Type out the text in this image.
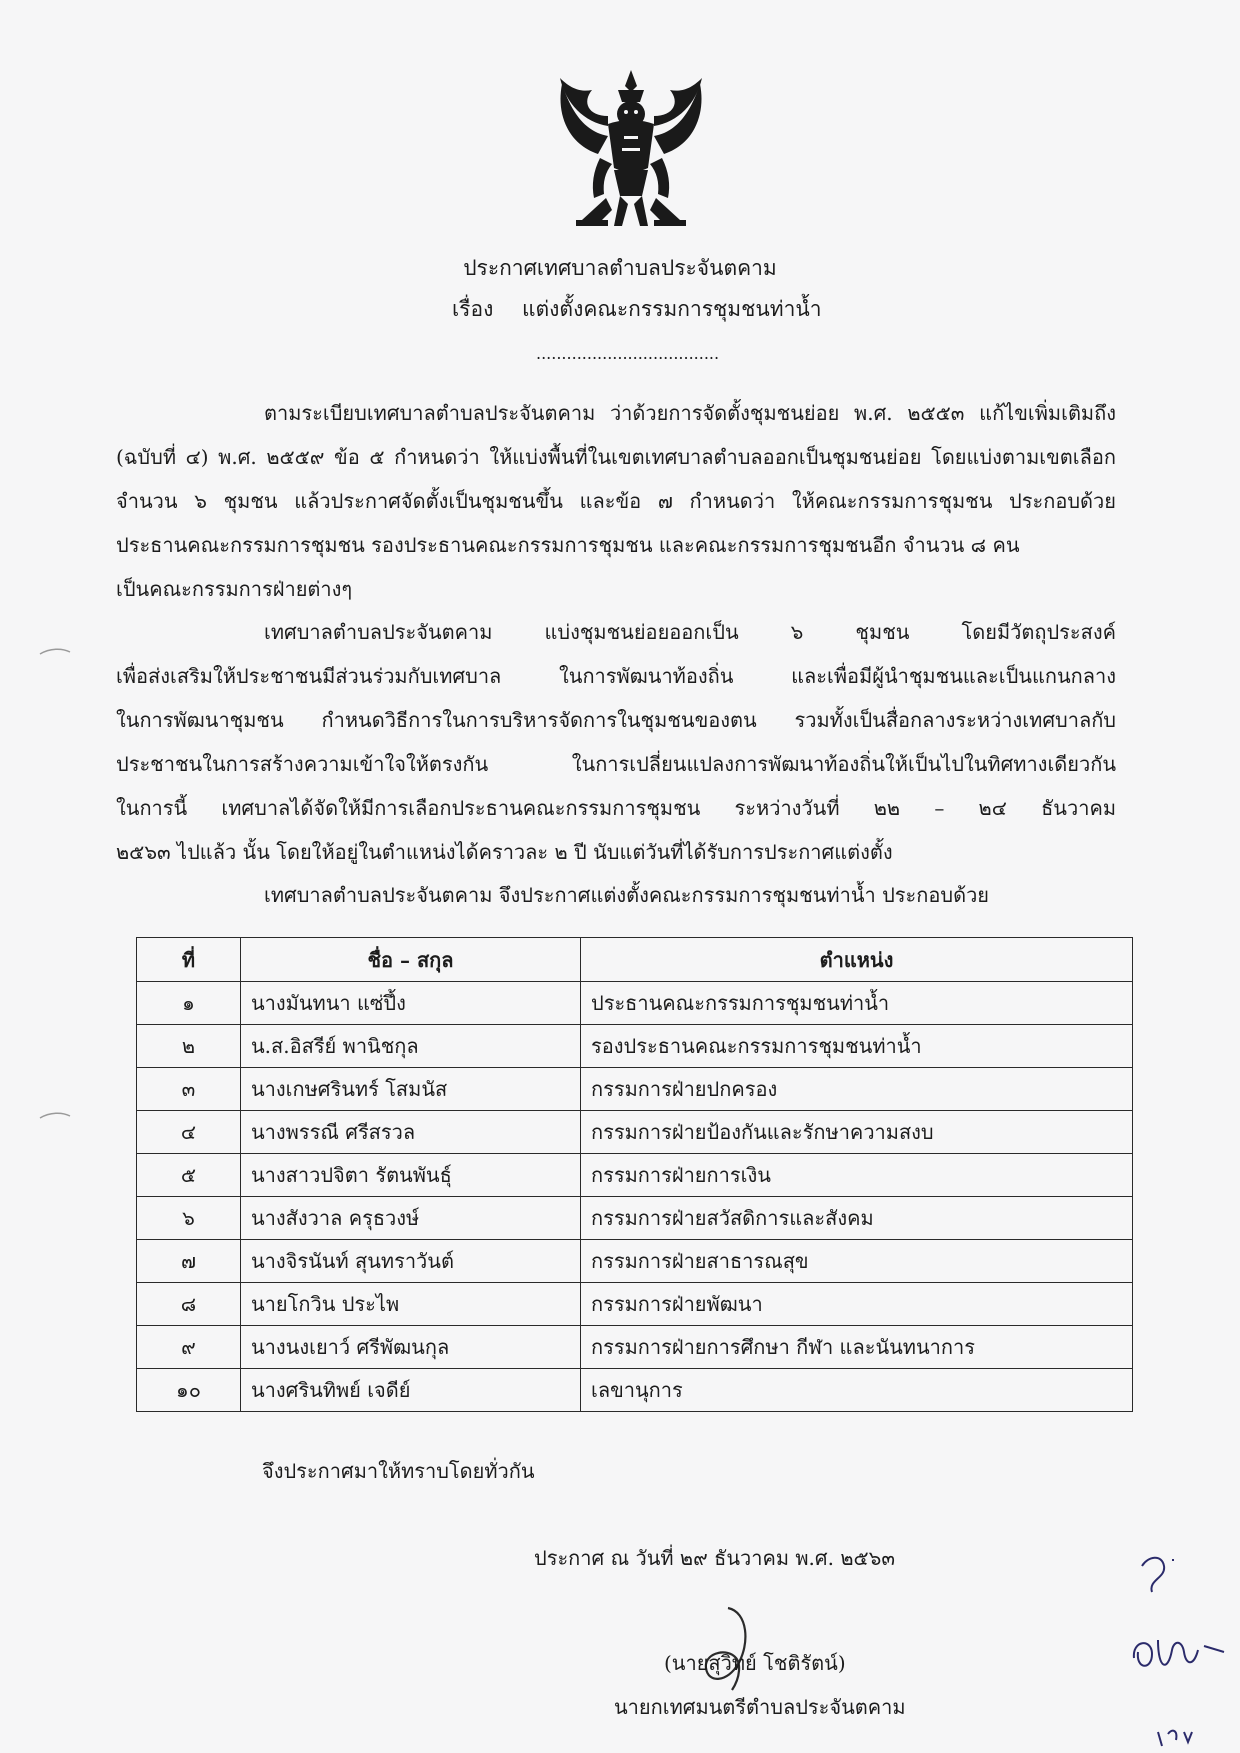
ประกาศเทศบาลตำบลประจันตคาม
เรื่อง แต่งตั้งคณะกรรมการชุมชนท่าน้ำ
....................................
ตามระเบียบเทศบาลตำบลประจันตคาม ว่าด้วยการจัดตั้งชุมชนย่อย พ.ศ. ๒๕๕๓ แก้ไขเพิ่มเติมถึง
(ฉบับที่ ๔) พ.ศ. ๒๕๕๙ ข้อ ๕ กำหนดว่า ให้แบ่งพื้นที่ในเขตเทศบาลตำบลออกเป็นชุมชนย่อย โดยแบ่งตามเขตเลือก
จำนวน ๖ ชุมชน แล้วประกาศจัดตั้งเป็นชุมชนขึ้น และข้อ ๗ กำหนดว่า ให้คณะกรรมการชุมชน ประกอบด้วย
ประธานคณะกรรมการชุมชน รองประธานคณะกรรมการชุมชน และคณะกรรมการชุมชนอีก จำนวน ๘ คน
เป็นคณะกรรมการฝ่ายต่างๆ
เทศบาลตำบลประจันตคาม แบ่งชุมชนย่อยออกเป็น ๖ ชุมชน โดยมีวัตถุประสงค์
เพื่อส่งเสริมให้ประชาชนมีส่วนร่วมกับเทศบาล ในการพัฒนาท้องถิ่น และเพื่อมีผู้นำชุมชนและเป็นแกนกลาง
ในการพัฒนาชุมชน กำหนดวิธีการในการบริหารจัดการในชุมชนของตน รวมทั้งเป็นสื่อกลางระหว่างเทศบาลกับ
ประชาชนในการสร้างความเข้าใจให้ตรงกัน ในการเปลี่ยนแปลงการพัฒนาท้องถิ่นให้เป็นไปในทิศทางเดียวกัน
ในการนี้ เทศบาลได้จัดให้มีการเลือกประธานคณะกรรมการชุมชน ระหว่างวันที่ ๒๒ – ๒๔ ธันวาคม
๒๕๖๓ ไปแล้ว นั้น โดยให้อยู่ในตำแหน่งได้คราวละ ๒ ปี นับแต่วันที่ได้รับการประกาศแต่งตั้ง
เทศบาลตำบลประจันตคาม จึงประกาศแต่งตั้งคณะกรรมการชุมชนท่าน้ำ ประกอบด้วย
ที่	ชื่อ – สกุล	ตำแหน่ง
๑	นางมันทนา แซ่ปึ้ง	ประธานคณะกรรมการชุมชนท่าน้ำ
๒	น.ส.อิสรีย์ พานิชกุล	รองประธานคณะกรรมการชุมชนท่าน้ำ
๓	นางเกษศรินทร์ โสมนัส	กรรมการฝ่ายปกครอง
๔	นางพรรณี ศรีสรวล	กรรมการฝ่ายป้องกันและรักษาความสงบ
๕	นางสาวปจิตา รัตนพันธุ์	กรรมการฝ่ายการเงิน
๖	นางสังวาล ครุธวงษ์	กรรมการฝ่ายสวัสดิการและสังคม
๗	นางจิรนันท์ สุนทราวันต์	กรรมการฝ่ายสาธารณสุข
๘	นายโกวิน ประไพ	กรรมการฝ่ายพัฒนา
๙	นางนงเยาว์ ศรีพัฒนกุล	กรรมการฝ่ายการศึกษา กีฬา และนันทนาการ
๑๐	นางศรินทิพย์ เจดีย์	เลขานุการ
จึงประกาศมาให้ทราบโดยทั่วกัน
ประกาศ ณ วันที่ ๒๙ ธันวาคม พ.ศ. ๒๕๖๓
(นายสุวิทย์ โชติรัตน์)
นายกเทศมนตรีตำบลประจันตคาม
